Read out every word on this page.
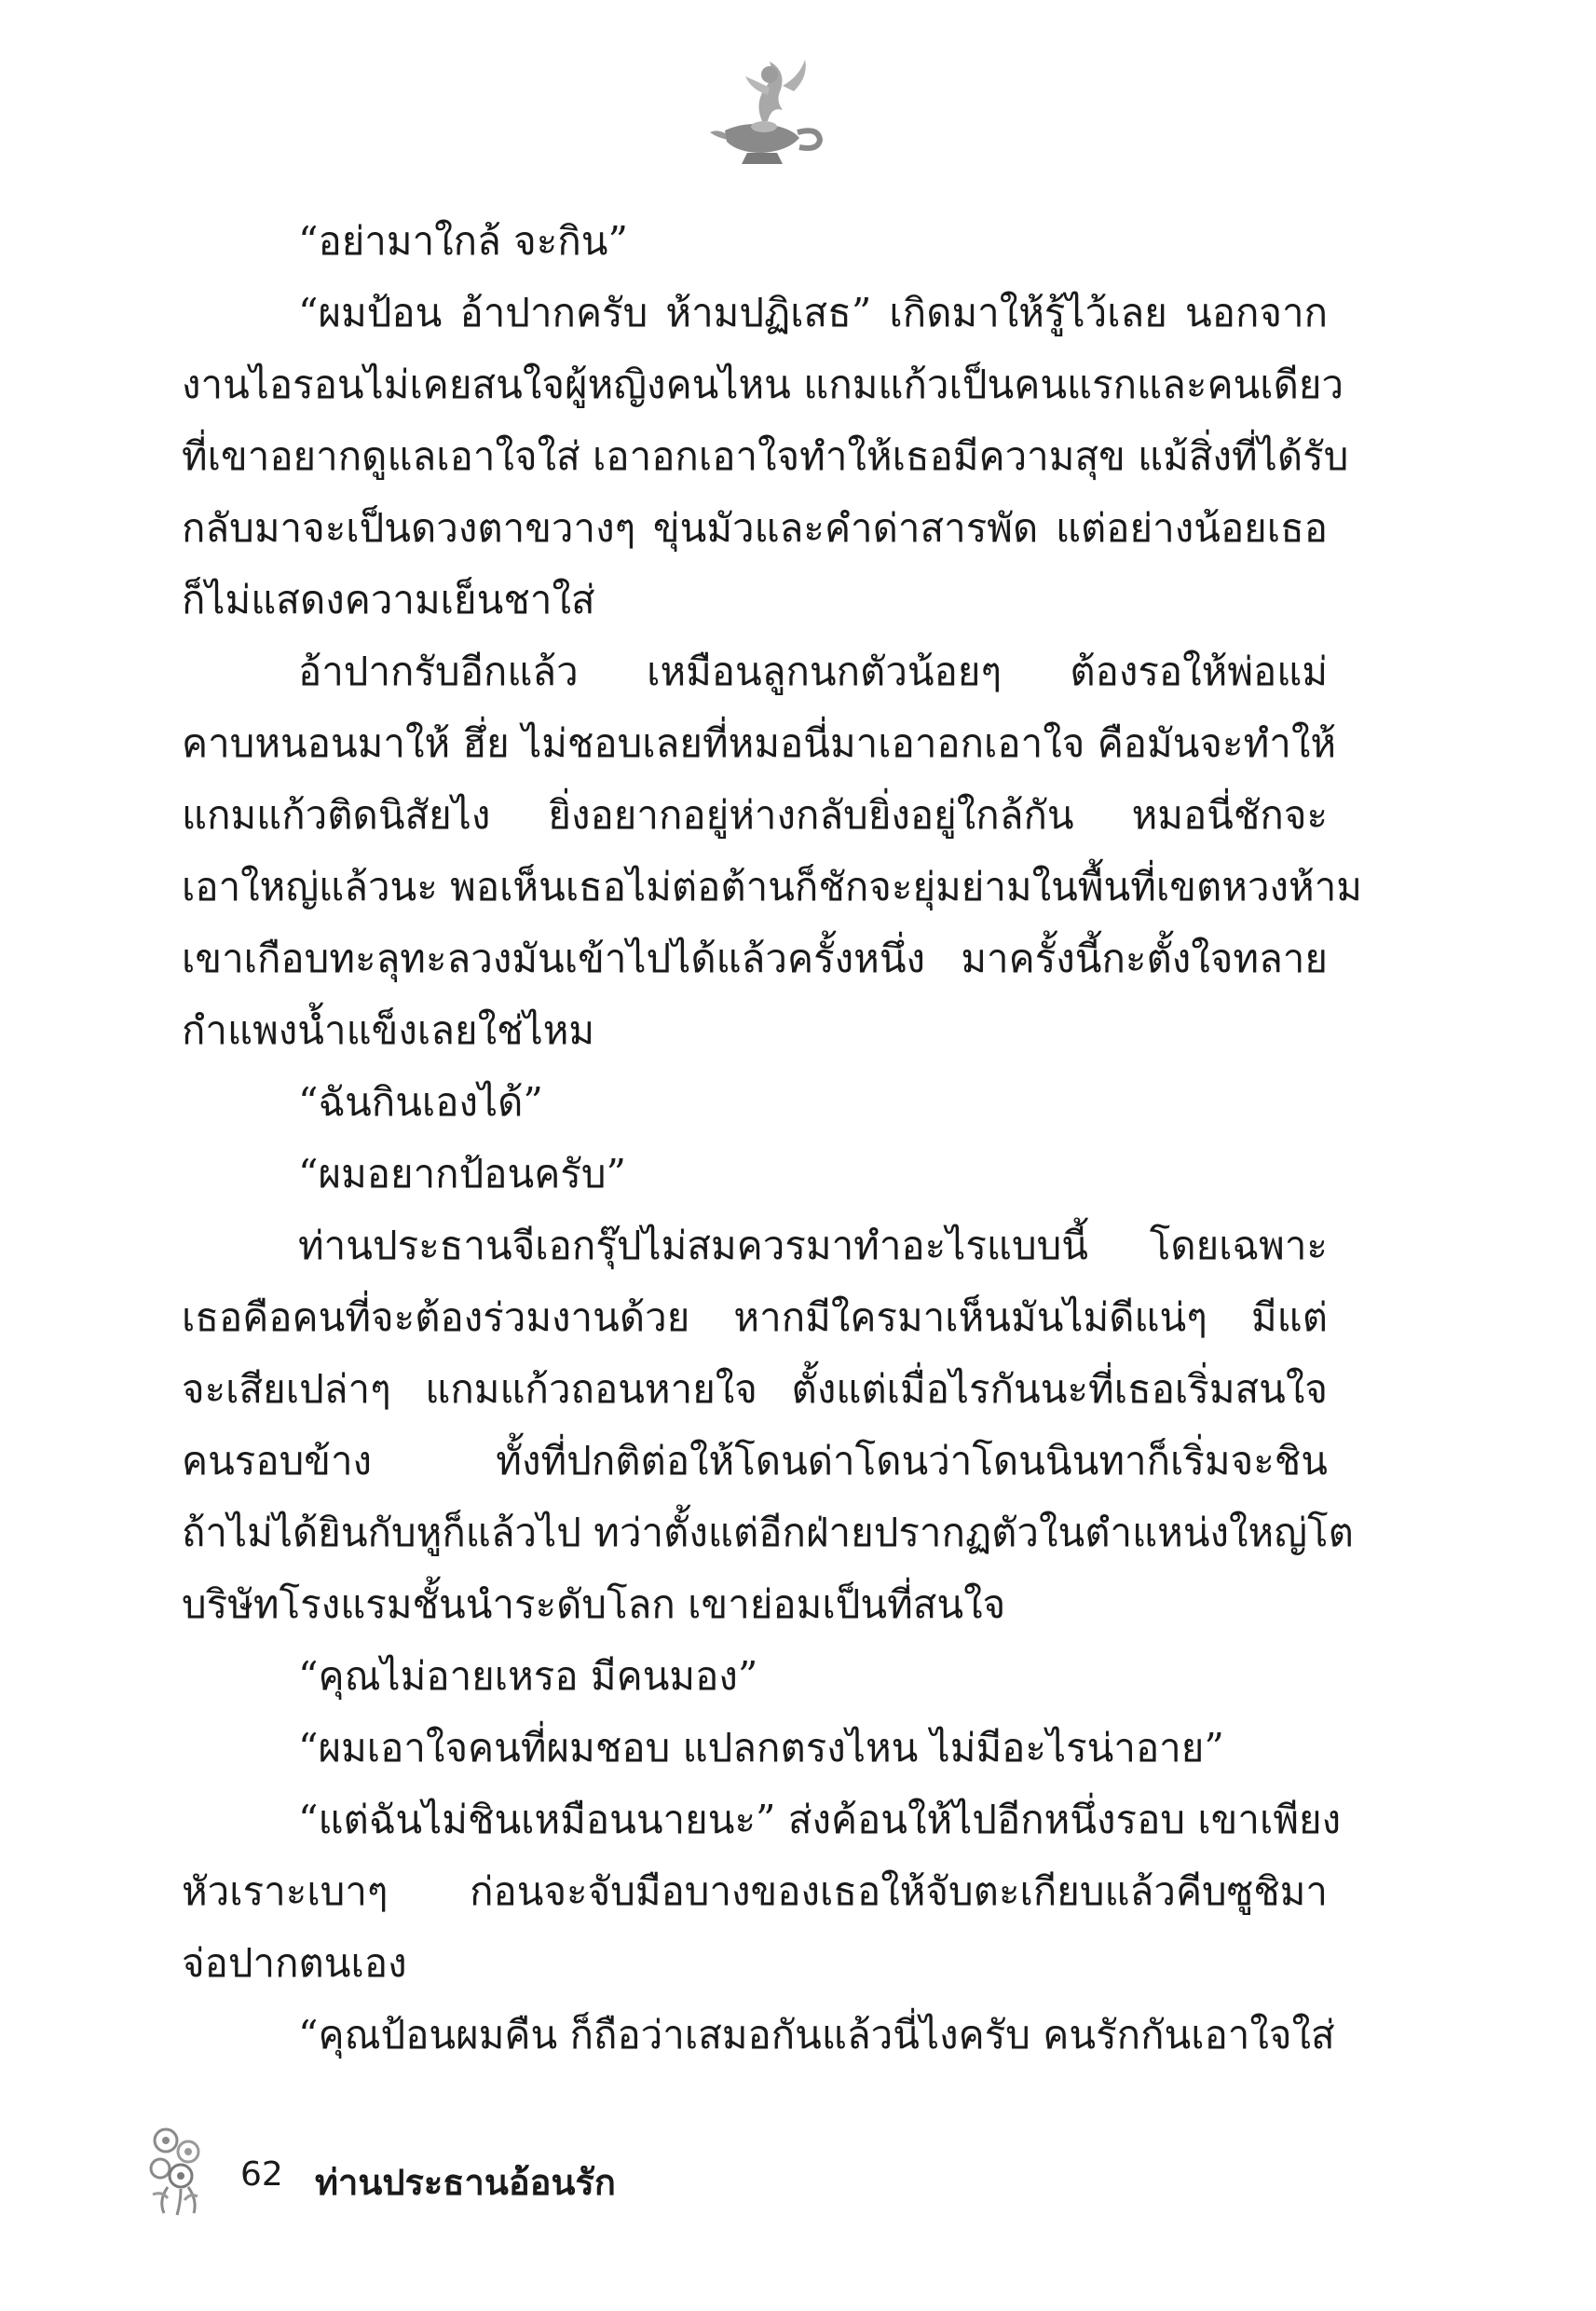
“อย่ามาใกล้ จะกิน”
“ผมป้อน อ้าปากครับ ห้ามปฏิเสธ” เกิดมาให้รู้ไว้เลย นอกจาก
งานไอรอนไม่เคยสนใจผู้หญิงคนไหน แกมแก้วเป็นคนแรกและคนเดียว
ที่เขาอยากดูแลเอาใจใส่ เอาอกเอาใจทำให้เธอมีความสุข แม้สิ่งที่ได้รับ
กลับมาจะเป็นดวงตาขวางๆ ขุ่นมัวและคำด่าสารพัด แต่อย่างน้อยเธอ
ก็ไม่แสดงความเย็นชาใส่
อ้าปากรับอีกแล้ว เหมือนลูกนกตัวน้อยๆ ต้องรอให้พ่อแม่
คาบหนอนมาให้ ฮึ่ย ไม่ชอบเลยที่หมอนี่มาเอาอกเอาใจ คือมันจะทำให้
แกมแก้วติดนิสัยไง ยิ่งอยากอยู่ห่างกลับยิ่งอยู่ใกล้กัน หมอนี่ชักจะ
เอาใหญ่แล้วนะ พอเห็นเธอไม่ต่อต้านก็ชักจะยุ่มย่ามในพื้นที่เขตหวงห้าม
เขาเกือบทะลุทะลวงมันเข้าไปได้แล้วครั้งหนึ่ง มาครั้งนี้กะตั้งใจทลาย
กำแพงน้ำแข็งเลยใช่ไหม
“ฉันกินเองได้”
“ผมอยากป้อนครับ”
ท่านประธานจีเอกรุ๊ปไม่สมควรมาทำอะไรแบบนี้ โดยเฉพาะ
เธอคือคนที่จะต้องร่วมงานด้วย หากมีใครมาเห็นมันไม่ดีแน่ๆ มีแต่
จะเสียเปล่าๆ แกมแก้วถอนหายใจ ตั้งแต่เมื่อไรกันนะที่เธอเริ่มสนใจ
คนรอบข้าง ทั้งที่ปกติต่อให้โดนด่าโดนว่าโดนนินทาก็เริ่มจะชิน
ถ้าไม่ได้ยินกับหูก็แล้วไป ทว่าตั้งแต่อีกฝ่ายปรากฏตัวในตำแหน่งใหญ่โต
บริษัทโรงแรมชั้นนำระดับโลก เขาย่อมเป็นที่สนใจ
“คุณไม่อายเหรอ มีคนมอง”
“ผมเอาใจคนที่ผมชอบ แปลกตรงไหน ไม่มีอะไรน่าอาย”
“แต่ฉันไม่ชินเหมือนนายนะ” ส่งค้อนให้ไปอีกหนึ่งรอบ เขาเพียง
หัวเราะเบาๆ ก่อนจะจับมือบางของเธอให้จับตะเกียบแล้วคีบซูชิมา
จ่อปากตนเอง
“คุณป้อนผมคืน ก็ถือว่าเสมอกันแล้วนี่ไงครับ คนรักกันเอาใจใส่
62 ท่านประธานอ้อนรัก
